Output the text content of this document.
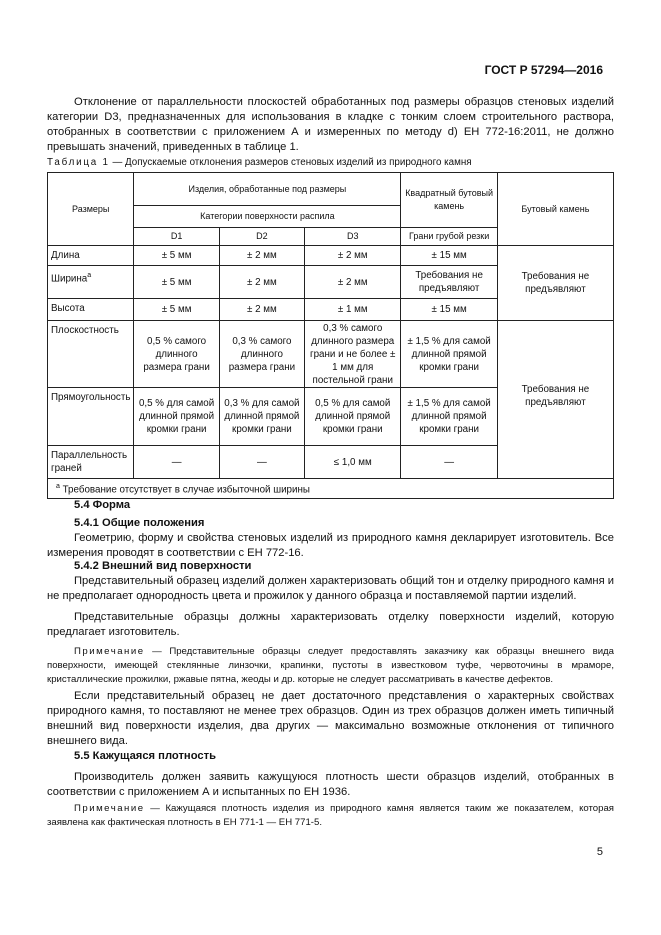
ГОСТ Р 57294—2016

Отклонение от параллельности плоскостей обработанных под размеры образцов стеновых изделий категории D3, предназначенных для использования в кладке с тонким слоем строительного раствора, отобранных в соответствии с приложением А и измеренных по методу d) ЕН 772-16:2011, не должно превышать значений, приведенных в таблице 1.

Таблица 1 — Допускаемые отклонения размеров стеновых изделий из природного камня
Размеры	Изделия, обработанные под размеры			Квадратный бутовый камень	Бутовый камень
	Категории поверхности распила				
	D1	D2	D3	Грани грубой резки	
Длина	± 5 мм	± 2 мм	± 2 мм	± 15 мм	Требования не предъявляют
Ширина$^а$	± 5 мм	± 2 мм	± 2 мм	Требования не предъявляют	
Высота	± 5 мм	± 2 мм	± 1 мм	± 15 мм	
Плоскостность	0,5 % самого длинного размера грани	0,3 % самого длинного размера грани	0,3 % самого длинного размера грани и не более ± 1 мм для постельной грани	± 1,5 % для самой длинной прямой кромки грани	Требования не предъявляют
Прямоугольность	0,5 % для самой длинной прямой кромки грани	0,3 % для самой длинной прямой кромки грани	0,5 % для самой длинной прямой кромки грани	± 1,5 % для самой длинной прямой кромки грани	
Параллельность граней	—	—	≤ 1,0 мм	—	
$^а$ Требование отсутствует в случае избыточной ширины					
5.4 Форма
5.4.1 Общие положения

Геометрию, форму и свойства стеновых изделий из природного камня декларирует изготовитель. Все измерения проводят в соответствии с ЕН 772-16.

5.4.2 Внешний вид поверхности

Представительный образец изделий должен характеризовать общий тон и отделку природного камня и не предполагает однородность цвета и прожилок у данного образца и поставляемой партии изделий.

Представительные образцы должны характеризовать отделку поверхности изделий, которую предлагает изготовитель.

Примечание — Представительные образцы следует предоставлять заказчику как образцы внешнего вида поверхности, имеющей стеклянные линзочки, крапинки, пустоты в известковом туфе, червоточины в мраморе, кристаллические прожилки, ржавые пятна, жеоды и др. которые не следует рассматривать в качестве дефектов.

Если представительный образец не дает достаточного представления о характерных свойствах природного камня, то поставляют не менее трех образцов. Один из трех образцов должен иметь типичный внешний вид поверхности изделия, два других — максимально возможные отклонения от типичного внешнего вида.

5.5 Кажущаяся плотность

Производитель должен заявить кажущуюся плотность шести образцов изделий, отобранных в соответствии с приложением А и испытанных по ЕН 1936.

Примечание — Кажущаяся плотность изделия из природного камня является таким же показателем, которая заявлена как фактическая плотность в ЕН 771-1 — ЕН 771-5.

5
